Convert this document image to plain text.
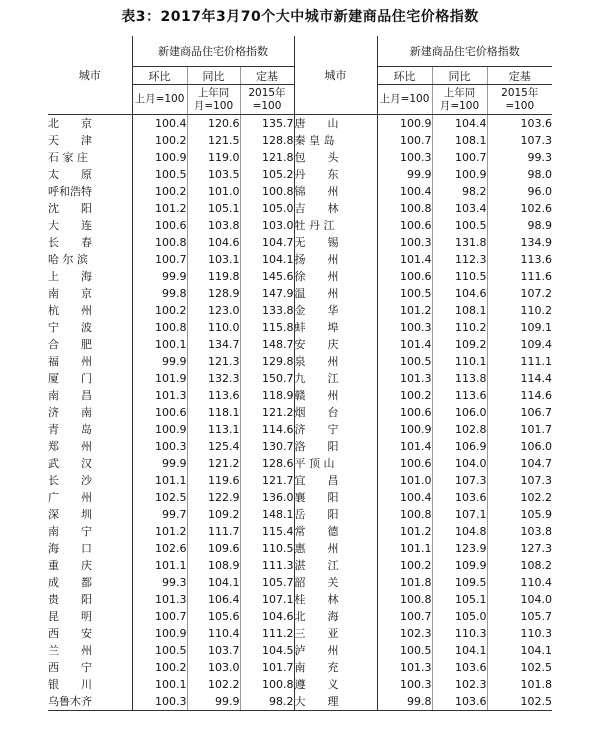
表3：2017年3月70个大中城市新建商品住宅价格指数
城市	新建商品住宅价格指数			城市	新建商品住宅价格指数		
	环比	同比	定基		环比	同比	定基
	上月=100	上年同
月=100	2015年
=100		上月=100	上年同
月=100	2015年
=100
北　　京	100.4	120.6	135.7	唐　　山	100.9	104.4	103.6
天　　津	100.2	121.5	128.8	秦 皇 岛	100.7	108.1	107.3
石 家 庄	100.9	119.0	121.8	包　　头	100.3	100.7	99.3
太　　原	100.5	103.5	105.2	丹　　东	99.9	100.9	98.0
呼和浩特	100.2	101.0	100.8	锦　　州	100.4	98.2	96.0
沈　　阳	101.2	105.1	105.0	吉　　林	100.8	103.4	102.6
大　　连	100.6	103.8	103.0	牡 丹 江	100.6	100.5	98.9
长　　春	100.8	104.6	104.7	无　　锡	100.3	131.8	134.9
哈 尔 滨	100.7	103.1	104.1	扬　　州	101.4	112.3	113.6
上　　海	99.9	119.8	145.6	徐　　州	100.6	110.5	111.6
南　　京	99.8	128.9	147.9	温　　州	100.5	104.6	107.2
杭　　州	100.2	123.0	133.8	金　　华	101.2	108.1	110.2
宁　　波	100.8	110.0	115.8	蚌　　埠	100.3	110.2	109.1
合　　肥	100.1	134.7	148.7	安　　庆	101.4	109.2	109.4
福　　州	99.9	121.3	129.8	泉　　州	100.5	110.1	111.1
厦　　门	101.9	132.3	150.7	九　　江	101.3	113.8	114.4
南　　昌	101.3	113.6	118.9	赣　　州	100.2	113.6	114.6
济　　南	100.6	118.1	121.2	烟　　台	100.6	106.0	106.7
青　　岛	100.9	113.1	114.6	济　　宁	100.9	102.8	101.7
郑　　州	100.3	125.4	130.7	洛　　阳	101.4	106.9	106.0
武　　汉	99.9	121.2	128.6	平 顶 山	100.6	104.0	104.7
长　　沙	101.1	119.6	121.7	宜　　昌	101.0	107.3	107.3
广　　州	102.5	122.9	136.0	襄　　阳	100.4	103.6	102.2
深　　圳	99.7	109.2	148.1	岳　　阳	100.8	107.1	105.9
南　　宁	101.2	111.7	115.4	常　　德	101.2	104.8	103.8
海　　口	102.6	109.6	110.5	惠　　州	101.1	123.9	127.3
重　　庆	101.1	108.9	111.3	湛　　江	100.2	109.9	108.2
成　　都	99.3	104.1	105.7	韶　　关	101.8	109.5	110.4
贵　　阳	101.3	106.4	107.1	桂　　林	100.8	105.1	104.0
昆　　明	100.7	105.6	104.6	北　　海	100.7	105.0	105.7
西　　安	100.9	110.4	111.2	三　　亚	102.3	110.3	110.3
兰　　州	100.5	103.7	104.5	泸　　州	100.5	104.1	104.1
西　　宁	100.2	103.0	101.7	南　　充	101.3	103.6	102.5
银　　川	100.1	102.2	100.8	遵　　义	100.3	102.3	101.8
乌鲁木齐	100.3	99.9	98.2	大　　理	99.8	103.6	102.5
